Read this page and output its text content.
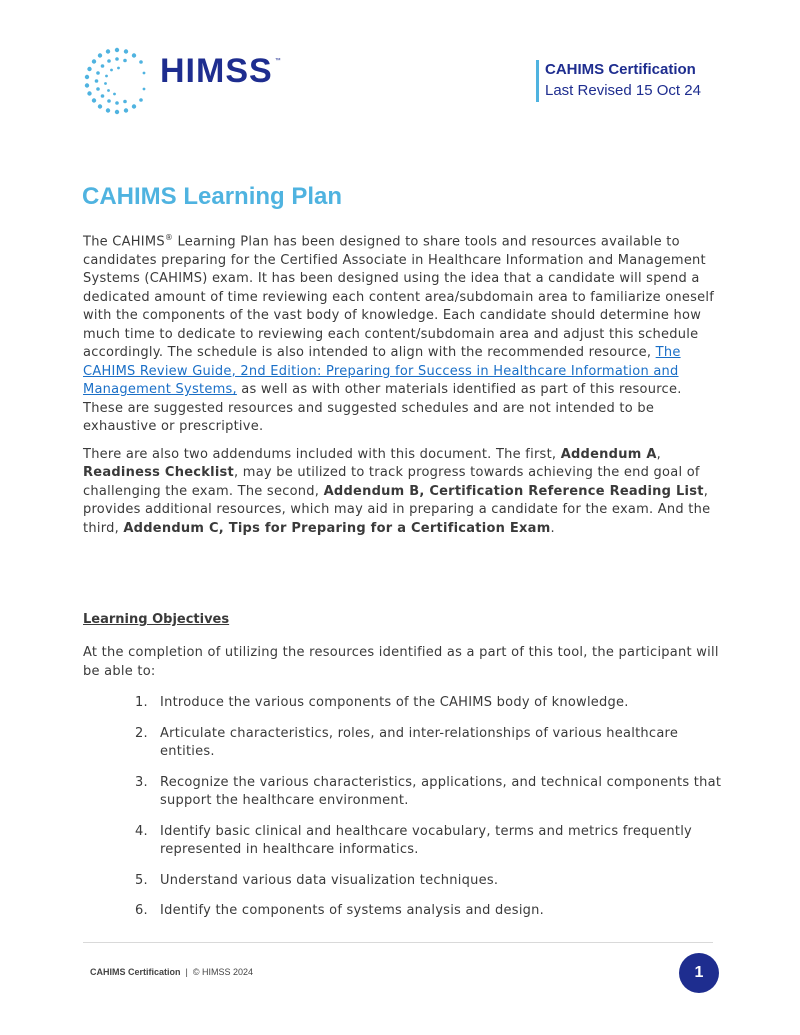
HIMSS ™	CAHIMS Certification
Last Revised 15 Oct 24
CAHIMS Learning Plan

The CAHIMS® Learning Plan has been designed to share tools and resources available to candidates preparing for the Certified Associate in Healthcare Information and Management Systems (CAHIMS) exam. It has been designed using the idea that a candidate will spend a dedicated amount of time reviewing each content area/subdomain area to familiarize oneself with the components of the vast body of knowledge. Each candidate should determine how much time to dedicate to reviewing each content/subdomain area and adjust this schedule accordingly. The schedule is also intended to align with the recommended resource, The CAHIMS Review Guide, 2nd Edition: Preparing for Success in Healthcare Information and Management Systems, as well as with other materials identified as part of this resource. These are suggested resources and suggested schedules and are not intended to be exhaustive or prescriptive.

There are also two addendums included with this document. The first, Addendum A, Readiness Checklist, may be utilized to track progress towards achieving the end goal of challenging the exam. The second, Addendum B, Certification Reference Reading List, provides additional resources, which may aid in preparing a candidate for the exam. And the third, Addendum C, Tips for Preparing for a Certification Exam.

Learning Objectives

At the completion of utilizing the resources identified as a part of this tool, the participant will be able to:

1. Introduce the various components of the CAHIMS body of knowledge.
2. Articulate characteristics, roles, and inter-relationships of various healthcare entities.
3. Recognize the various characteristics, applications, and technical components that support the healthcare environment.
4. Identify basic clinical and healthcare vocabulary, terms and metrics frequently represented in healthcare informatics.
5. Understand various data visualization techniques.
6. Identify the components of systems analysis and design.
CAHIMS Certification | © HIMSS 2024	1
